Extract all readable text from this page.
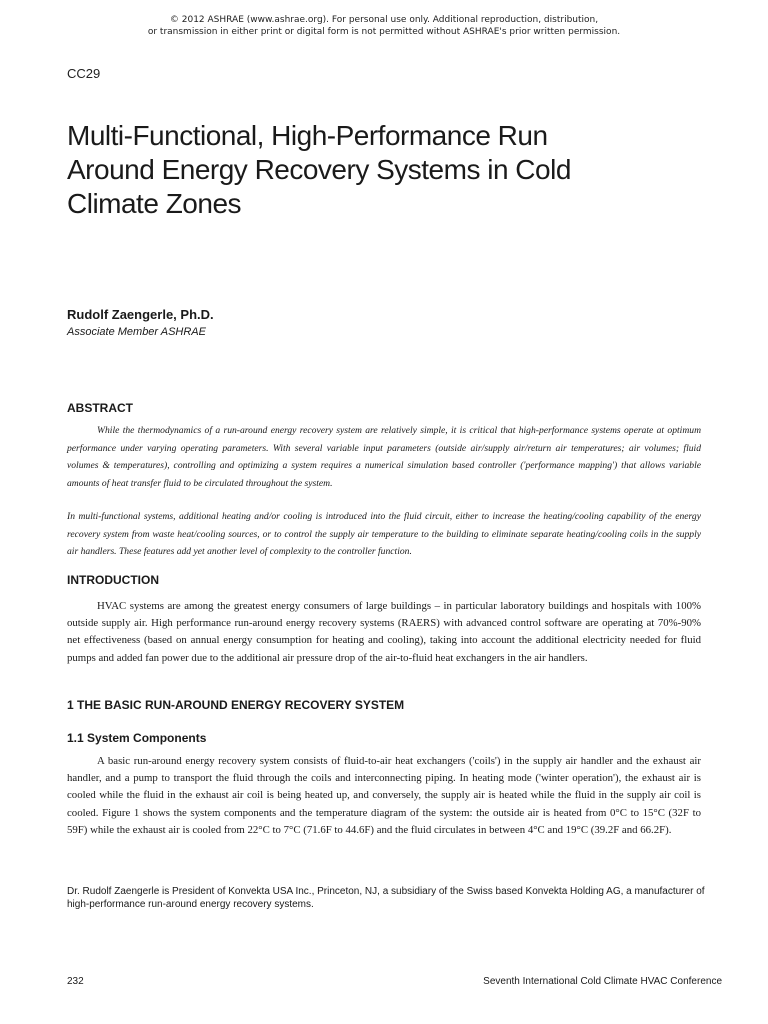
© 2012 ASHRAE (www.ashrae.org). For personal use only. Additional reproduction, distribution,
or transmission in either print or digital form is not permitted without ASHRAE's prior written permission.
CC29
Multi-Functional, High-Performance Run
Around Energy Recovery Systems in Cold
Climate Zones
Rudolf Zaengerle, Ph.D.
Associate Member ASHRAE
ABSTRACT

While the thermodynamics of a run-around energy recovery system are relatively simple, it is critical that high-performance systems operate at optimum performance under varying operating parameters. With several variable input parameters (outside air/supply air/return air temperatures; air volumes; fluid volumes & temperatures), controlling and optimizing a system requires a numerical simulation based controller ('performance mapping') that allows variable amounts of heat transfer fluid to be circulated throughout the system.

In multi-functional systems, additional heating and/or cooling is introduced into the fluid circuit, either to increase the heating/cooling capability of the energy recovery system from waste heat/cooling sources, or to control the supply air temperature to the building to eliminate separate heating/cooling coils in the supply air handlers. These features add yet another level of complexity to the controller function.

INTRODUCTION

HVAC systems are among the greatest energy consumers of large buildings – in particular laboratory buildings and hospitals with 100% outside supply air. High performance run-around energy recovery systems (RAERS) with advanced control software are operating at 70%-90% net effectiveness (based on annual energy consumption for heating and cooling), taking into account the additional electricity needed for fluid pumps and added fan power due to the additional air pressure drop of the air-to-fluid heat exchangers in the air handlers.

1 THE BASIC RUN-AROUND ENERGY RECOVERY SYSTEM
1.1 System Components

A basic run-around energy recovery system consists of fluid-to-air heat exchangers ('coils') in the supply air handler and the exhaust air handler, and a pump to transport the fluid through the coils and interconnecting piping. In heating mode ('winter operation'), the exhaust air is cooled while the fluid in the exhaust air coil is being heated up, and conversely, the supply air is heated while the fluid in the supply air coil is cooled. Figure 1 shows the system components and the temperature diagram of the system: the outside air is heated from 0°C to 15°C (32F to 59F) while the exhaust air is cooled from 22°C to 7°C (71.6F to 44.6F) and the fluid circulates in between 4°C and 19°C (39.2F and 66.2F).

Dr. Rudolf Zaengerle is President of Konvekta USA Inc., Princeton, NJ, a subsidiary of the Swiss based Konvekta Holding AG, a manufacturer of high-performance run-around energy recovery systems.

232	Seventh International Cold Climate HVAC Conference
